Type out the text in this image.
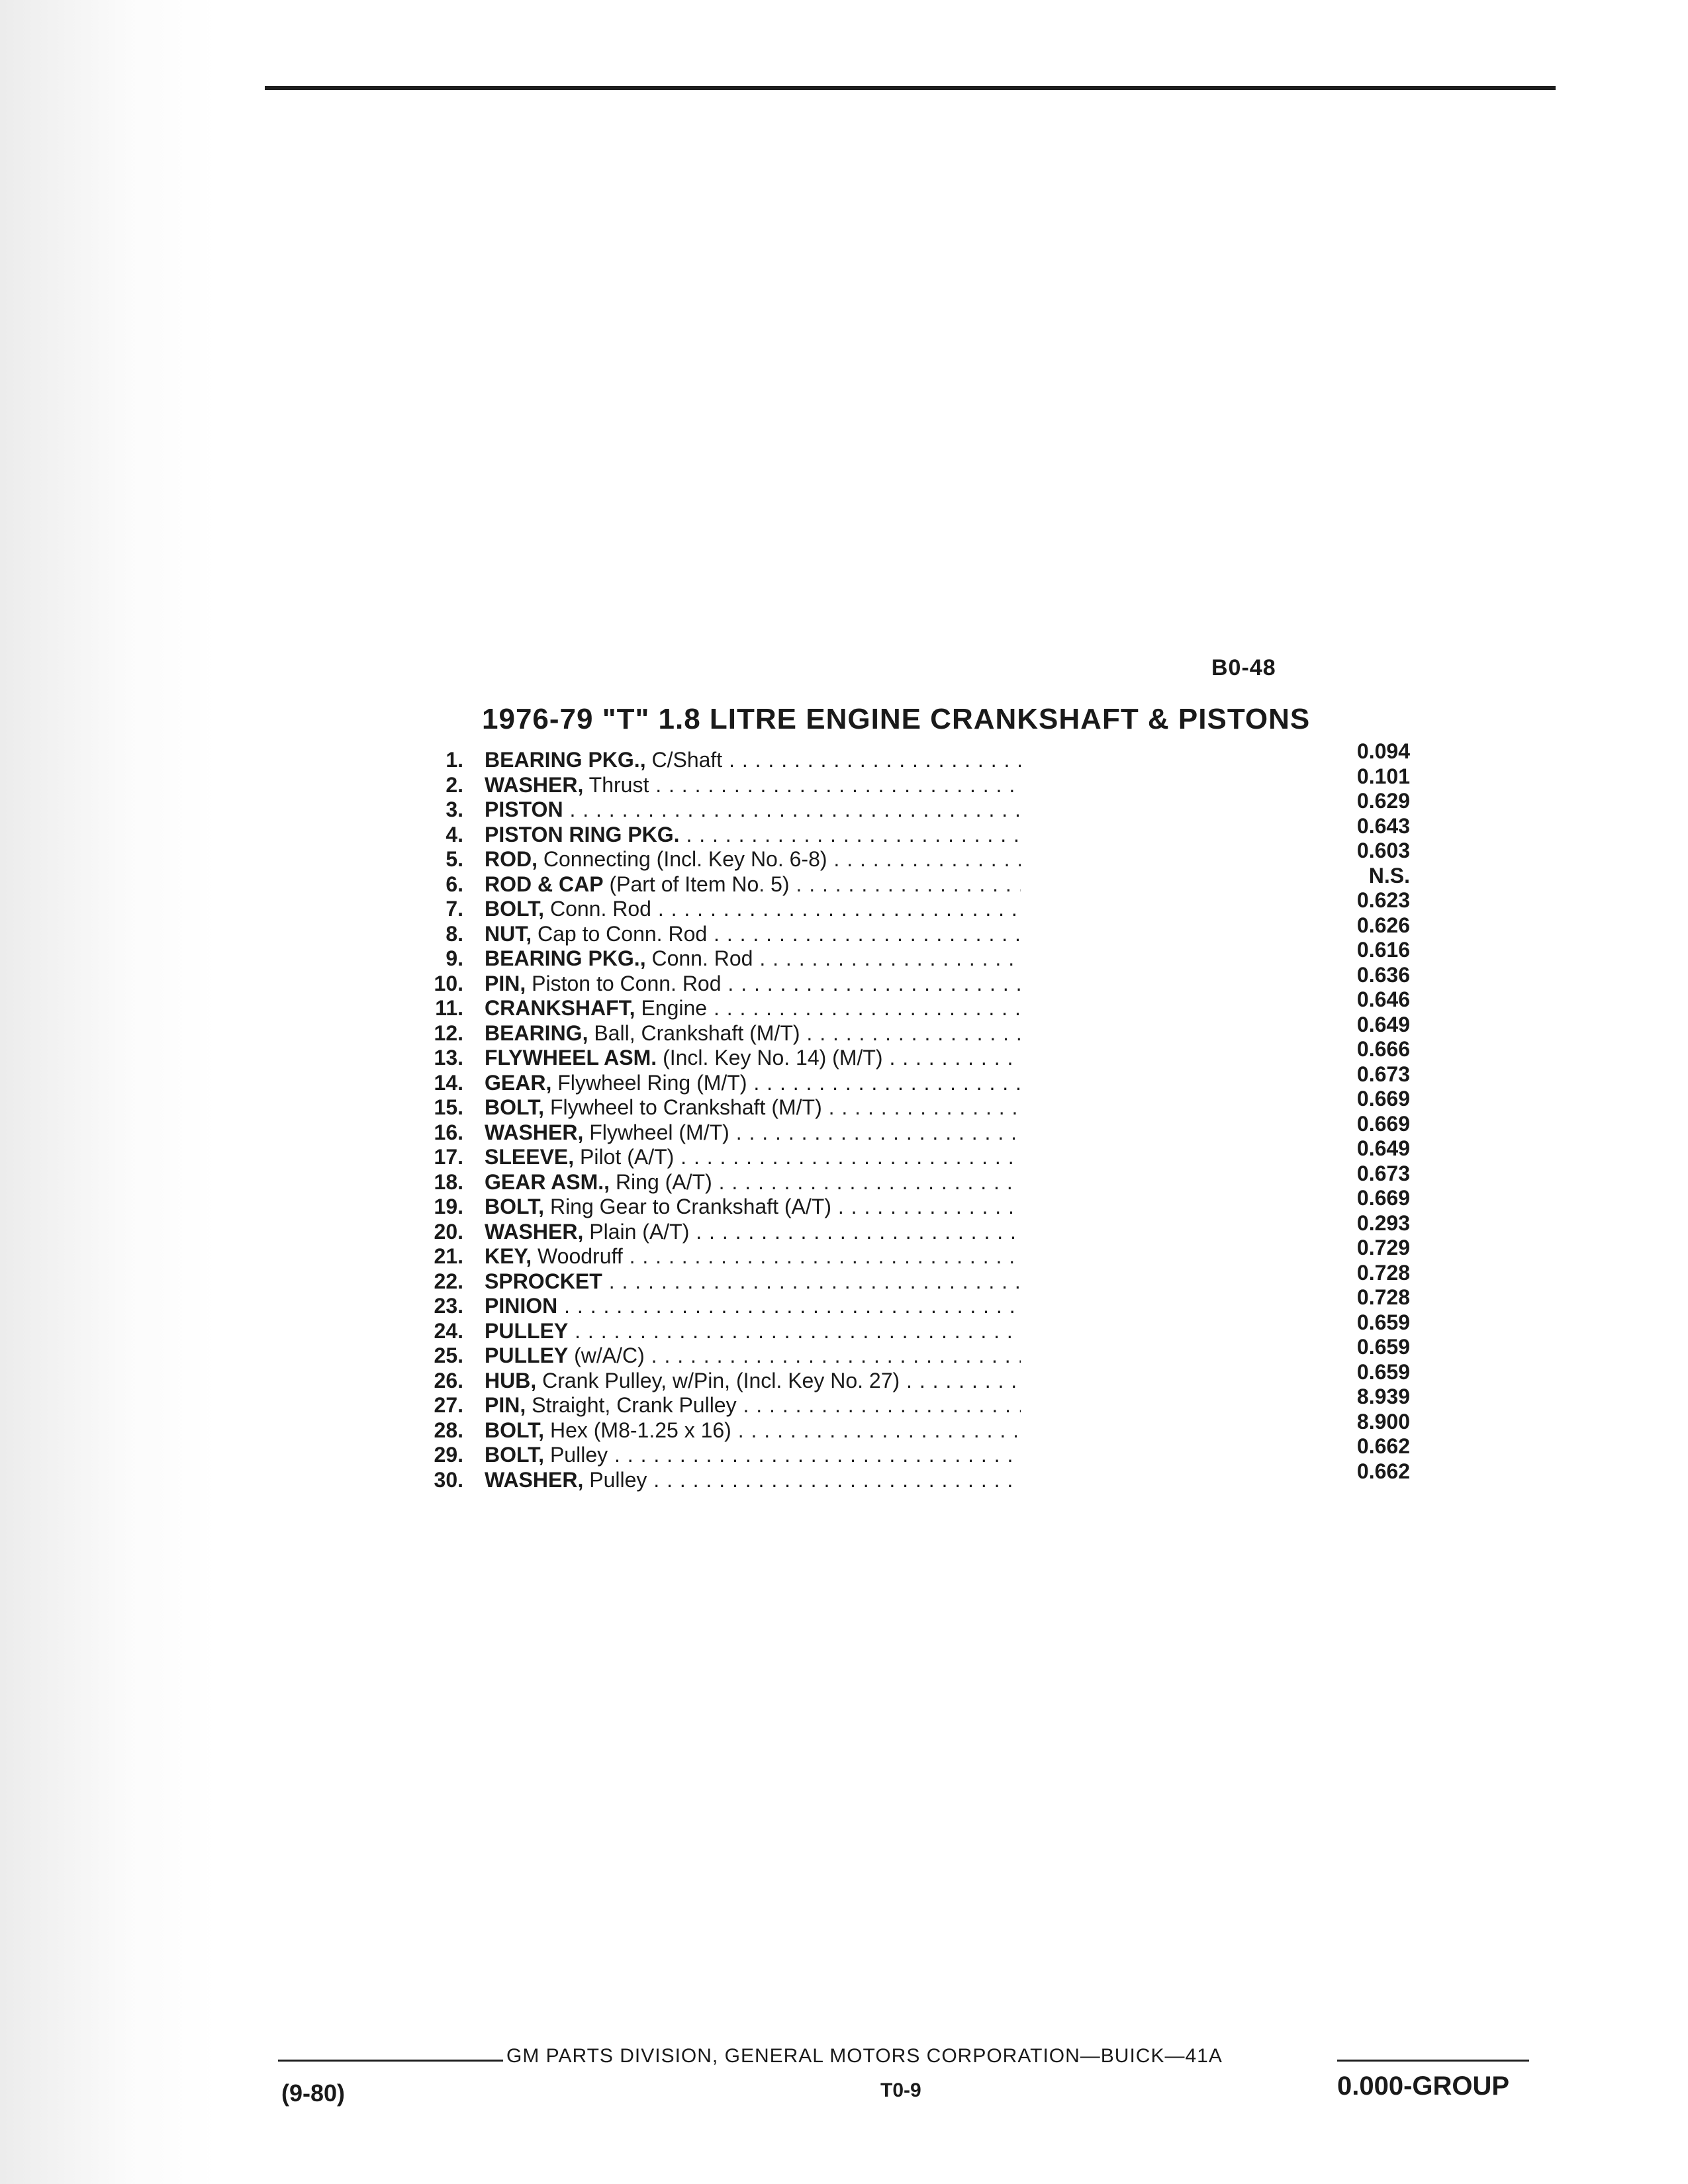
B0-48
1976-79 "T" 1.8 LITRE ENGINE CRANKSHAFT & PISTONS
1. BEARING PKG., C/Shaft . . .	0.094
2. WASHER, Thrust . . .	0.101
3. PISTON . . .	0.629
4. PISTON RING PKG. . . .	0.643
5. ROD, Connecting (Incl. Key No. 6-8) . . .	0.603
6. ROD & CAP (Part of Item No. 5) . . .	N.S.
7. BOLT, Conn. Rod . . .	0.623
8. NUT, Cap to Conn. Rod . . .	0.626
9. BEARING PKG., Conn. Rod . . .	0.616
10. PIN, Piston to Conn. Rod . . .	0.636
11. CRANKSHAFT, Engine . . .	0.646
12. BEARING, Ball, Crankshaft (M/T) . . .	0.649
13. FLYWHEEL ASM. (Incl. Key No. 14) (M/T) . . .	0.666
14. GEAR, Flywheel Ring (M/T) . . .	0.673
15. BOLT, Flywheel to Crankshaft (M/T) . . .	0.669
16. WASHER, Flywheel (M/T) . . .	0.669
17. SLEEVE, Pilot (A/T) . . .	0.649
18. GEAR ASM., Ring (A/T) . . .	0.673
19. BOLT, Ring Gear to Crankshaft (A/T) . . .	0.669
20. WASHER, Plain (A/T) . . .	0.293
21. KEY, Woodruff . . .	0.729
22. SPROCKET . . .	0.728
23. PINION . . .	0.728
24. PULLEY . . .	0.659
25. PULLEY (w/A/C) . . .	0.659
26. HUB, Crank Pulley, w/Pin, (Incl. Key No. 27) . . .	0.659
27. PIN, Straight, Crank Pulley . . .	8.939
28. BOLT, Hex (M8-1.25 x 16) . . .	8.900
29. BOLT, Pulley . . .	0.662
30. WASHER, Pulley . . .	0.662
GM PARTS DIVISION, GENERAL MOTORS CORPORATION—BUICK—41A
(9-80)	T0-9	0.000-GROUP
